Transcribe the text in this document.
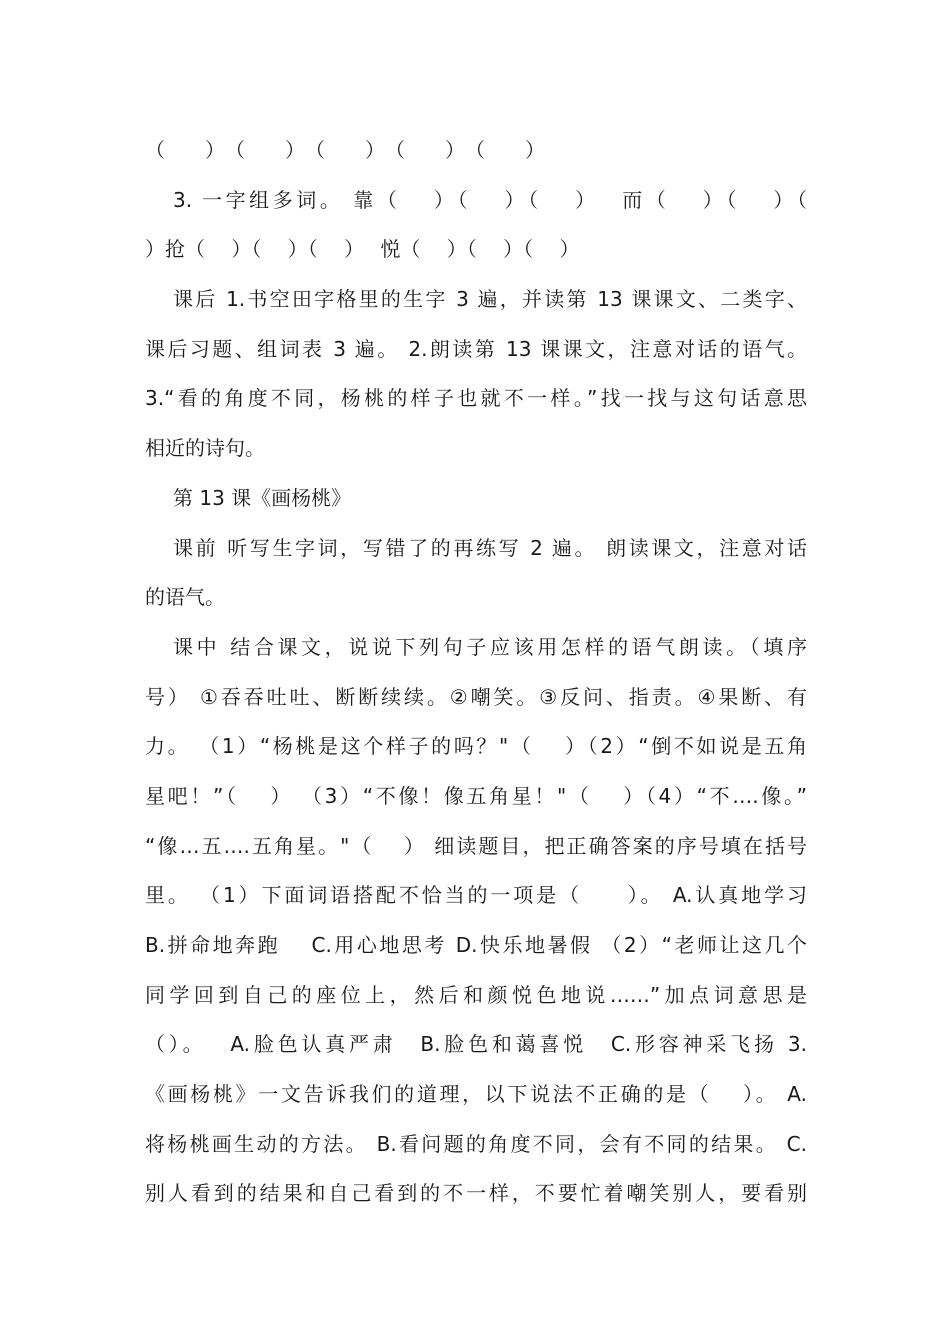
（　　）　（　　）　（　　）　（　　）　（　　）
3. 一字组多词。 靠（　 ）（　 ）（　 ）　 而（　 ）（　 ）（
）抢（　 ）（　 ）（　 ）　 悦（　 ）（　 ）（　 ）
课后 1.书空田字格里的生字 3 遍，并读第 13 课课文、二类字、
课后习题、组词表 3 遍。 2.朗读第 13 课课文，注意对话的语气。
3.“看的角度不同，杨桃的样子也就不一样。”找一找与这句话意思
相近的诗句。
第 13 课《画杨桃》
课前 听写生字词，写错了的再练写 2 遍。 朗读课文，注意对话
的语气。
课中 结合课文，说说下列句子应该用怎样的语气朗读。（填序
号） ①吞吞吐吐、断断续续。②嘲笑。③反问、指责。④果断、有
力。 （1）“杨桃是这个样子的吗？"（　 ）（2）“倒不如说是五角
星吧！”（　 ） （3）“不像！像五角星！"（　 ）（4）“不….像。”
“像…五….五角星。"（　 ） 细读题目，把正确答案的序号填在括号
里。 （1）下面词语搭配不恰当的一项是（　　）。 A.认真地学习
B.拼命地奔跑　 C.用心地思考 D.快乐地暑假 （2）“老师让这几个
同学回到自己的座位上，然后和颜悦色地说……”加点词意思是
（）。　 A.脸色认真严肃　B.脸色和蔼喜悦　C.形容神采飞扬 3.
《画杨桃》一文告诉我们的道理，以下说法不正确的是（　 ）。 A.
将杨桃画生动的方法。 B.看问题的角度不同，会有不同的结果。 C.
别人看到的结果和自己看到的不一样，不要忙着嘲笑别人，要看别
